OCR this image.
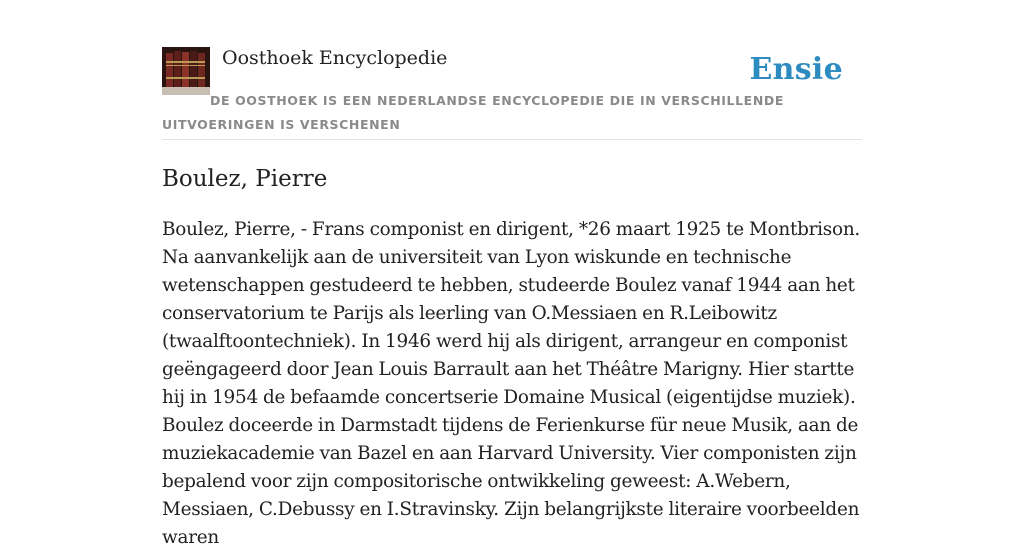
Oosthoek Encyclopedie	Ensie
DE OOSTHOEK IS EEN NEDERLANDSE ENCYCLOPEDIE DIE IN VERSCHILLENDE UITVOERINGEN IS VERSCHENEN
Boulez, Pierre

Boulez, Pierre, - Frans componist en dirigent, *26 maart 1925 te Montbrison. Na aanvankelijk aan de universiteit van Lyon wiskunde en technische wetenschappen gestudeerd te hebben, studeerde Boulez vanaf 1944 aan het conservatorium te Parijs als leerling van O.Messiaen en R.Leibowitz (twaalftoontechniek). In 1946 werd hij als dirigent, arrangeur en componist geëngageerd door Jean Louis Barrault aan het Théâtre Marigny. Hier startte hij in 1954 de befaamde concertserie Domaine Musical (eigentijdse muziek). Boulez doceerde in Darmstadt tijdens de Ferienkurse für neue Musik, aan de muziekacademie van Bazel en aan Harvard University. Vier componisten zijn bepalend voor zijn compositorische ontwikkeling geweest: A.Webern, Messiaen, C.Debussy en I.Stravinsky. Zijn belangrijkste literaire voorbeelden waren
